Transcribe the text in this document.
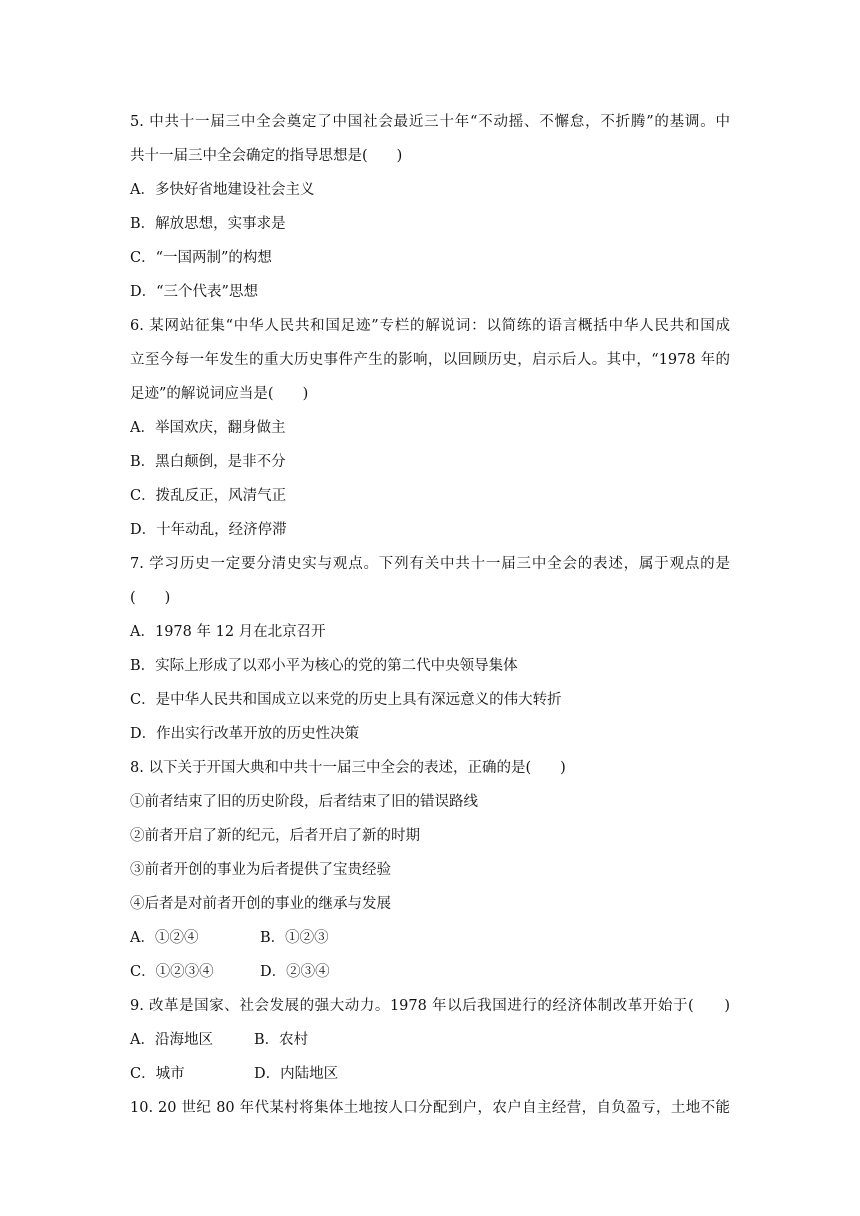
5. 中共十一届三中全会奠定了中国社会最近三十年“不动摇、不懈怠，不折腾”的基调。中
共十一届三中全会确定的指导思想是(　　)
A．多快好省地建设社会主义
B．解放思想，实事求是
C．“一国两制”的构想
D．“三个代表”思想
6. 某网站征集“中华人民共和国足迹”专栏的解说词：以简练的语言概括中华人民共和国成
立至今每一年发生的重大历史事件产生的影响，以回顾历史，启示后人。其中，“1978 年的
足迹”的解说词应当是(　　)
A．举国欢庆，翻身做主
B．黑白颠倒，是非不分
C．拨乱反正，风清气正
D．十年动乱，经济停滞
7. 学习历史一定要分清史实与观点。下列有关中共十一届三中全会的表述，属于观点的是
(　　)
A．1978 年 12 月在北京召开
B．实际上形成了以邓小平为核心的党的第二代中央领导集体
C．是中华人民共和国成立以来党的历史上具有深远意义的伟大转折
D．作出实行改革开放的历史性决策
8. 以下关于开国大典和中共十一届三中全会的表述，正确的是(　　)
①前者结束了旧的历史阶段，后者结束了旧的错误路线
②前者开启了新的纪元，后者开启了新的时期
③前者开创的事业为后者提供了宝贵经验
④后者是对前者开创的事业的继承与发展
A．①②④	B．①②③
C．①②③④	D．②③④
9. 改革是国家、社会发展的强大动力。1978 年以后我国进行的经济体制改革开始于(　　)
A．沿海地区	B．农村
C．城市	D．内陆地区
10. 20 世纪 80 年代某村将集体土地按人口分配到户，农户自主经营，自负盈亏，土地不能
